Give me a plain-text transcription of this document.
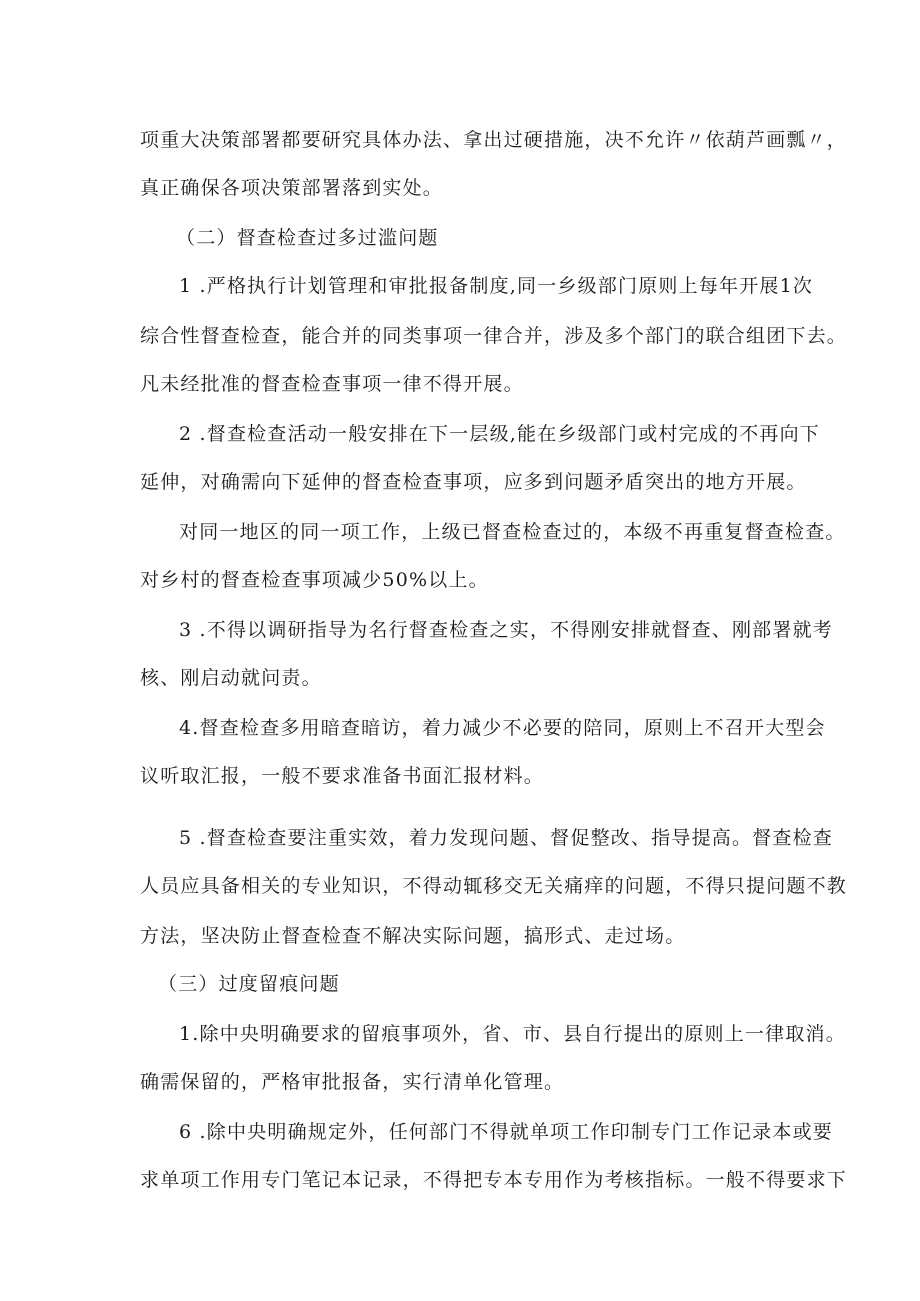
项重大决策部署都要研究具体办法、拿出过硬措施，决不允许〃依葫芦画瓢〃，
真正确保各项决策部署落到实处。
（二）督查检查过多过滥问题
1 .严格执行计划管理和审批报备制度,同一乡级部门原则上每年开展1次
综合性督查检查，能合并的同类事项一律合并，涉及多个部门的联合组团下去。
凡未经批准的督查检查事项一律不得开展。
2 .督查检查活动一般安排在下一层级,能在乡级部门或村完成的不再向下
延伸，对确需向下延伸的督查检查事项，应多到问题矛盾突出的地方开展。
对同一地区的同一项工作，上级已督查检查过的，本级不再重复督查检查。
对乡村的督查检查事项减少50%以上。
3 .不得以调研指导为名行督查检查之实，不得刚安排就督查、刚部署就考
核、刚启动就问责。
4.督查检查多用暗查暗访，着力减少不必要的陪同，原则上不召开大型会
议听取汇报，一般不要求准备书面汇报材料。
5 .督查检查要注重实效，着力发现问题、督促整改、指导提高。督查检查
人员应具备相关的专业知识，不得动辄移交无关痛痒的问题，不得只提问题不教
方法，坚决防止督查检查不解决实际问题，搞形式、走过场。
（三）过度留痕问题
1.除中央明确要求的留痕事项外，省、市、县自行提出的原则上一律取消。
确需保留的，严格审批报备，实行清单化管理。
6 .除中央明确规定外，任何部门不得就单项工作印制专门工作记录本或要
求单项工作用专门笔记本记录，不得把专本专用作为考核指标。一般不得要求下
